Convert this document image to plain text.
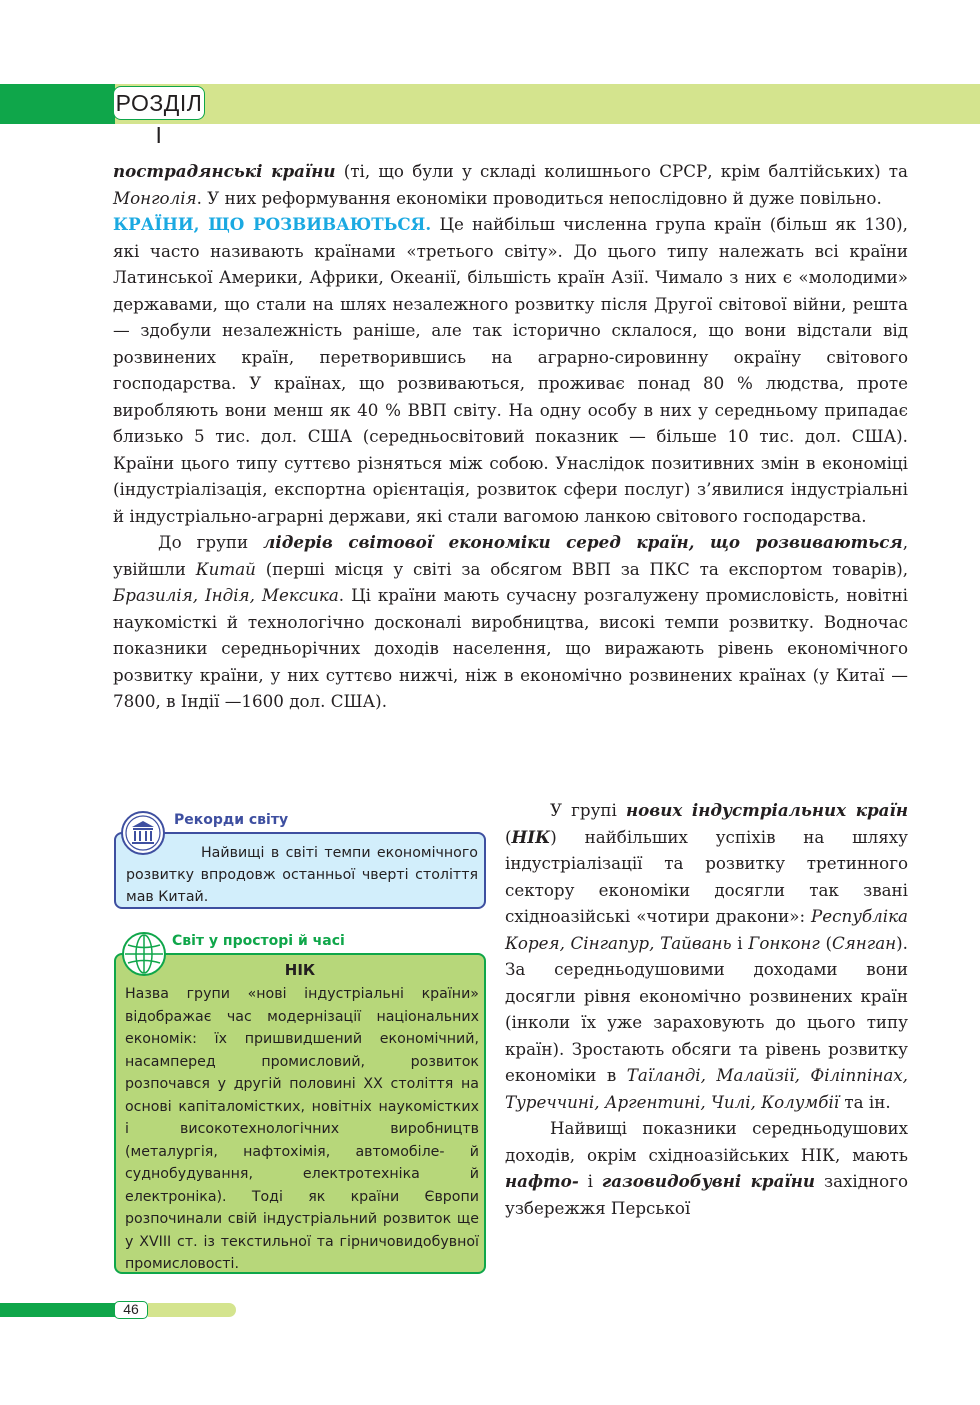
РОЗДІЛ І

пострадянські країни (ті, що були у складі колишнього СРСР, крім балтійських) та Монголія. У них реформування економіки проводиться непослідовно й дуже повільно.

КРАЇНИ, ЩО РОЗВИВАЮТЬСЯ. Це найбільш численна група країн (більш як 130), які часто називають країнами «третього світу». До цього типу належать всі країни Латинської Америки, Африки, Океанії, більшість країн Азії. Чимало з них є «молодими» державами, що стали на шлях незалежного розвитку після Другої світової війни, решта — здобули незалежність раніше, але так історично склалося, що вони відстали від розвинених країн, перетворившись на аграрно-сировинну окраїну світового господарства. У країнах, що розвиваються, проживає понад 80 % людства, проте виробляють вони менш як 40 % ВВП світу. На одну особу в них у середньому припадає близько 5 тис. дол. США (середньосвітовий показник — більше 10 тис. дол. США). Країни цього типу суттєво різняться між собою. Унаслідок позитивних змін в економіці (індустріалізація, експортна орієнтація, розвиток сфери послуг) з’явилися індустріальні й індустріально-аграрні держави, які стали вагомою ланкою світового господарства.

До групи лідерів світової економіки серед країн, що розвиваються, увійшли Китай (перші місця у світі за обсягом ВВП за ПКС та експортом товарів), Бразилія, Індія, Мексика. Ці країни мають сучасну розгалужену промисловість, новітні наукомісткі й технологічно досконалі виробництва, високі темпи розвитку. Водночас показники середньорічних доходів населення, що виражають рівень економічного розвитку країни, у них суттєво нижчі, ніж в економічно розвинених країнах (у Китаї — 7800, в Індії —1600 дол. США).

У групі нових індустріальних країн (НІК) найбільших успіхів на шляху індустріалізації та розвитку третинного сектору економіки досягли так звані східноазійські «чотири дракони»: Республіка Корея, Сінгапур, Тайвань і Гонконг (Сянган). За середньодушовими доходами вони досягли рівня економічно розвинених країн (інколи їх уже зараховують до цього типу країн). Зростають обсяги та рівень розвитку економіки в Таїланді, Малайзії, Філіппінах, Туреччині, Аргентині, Чилі, Колумбії та ін.

Найвищі показники середньодушових доходів, окрім східноазійських НІК, мають нафто- і газовидобувні країни західного узбережжя Перської

Найвищі в світі темпи економічного розвитку впродовж останньої чверті століття мав Китай.
Рекорди світу
НІК
Назва групи «нові індустріальні країни» відображає час модернізації національних економік: їх пришвидшений економічний, насамперед промисловий, розвиток розпочався у другій половині ХХ століття на основі капіталомістких, новітніх наукомістких і високотехнологічних виробництв (металургія, нафтохімія, автомобіле- й суднобудування, електротехніка й електроніка). Тоді як країни Європи розпочинали свій індустріальний розвиток ще у XVIII ст. із текстильної та гірничовидобувної промисловості.
Світ у просторі й часі
46
